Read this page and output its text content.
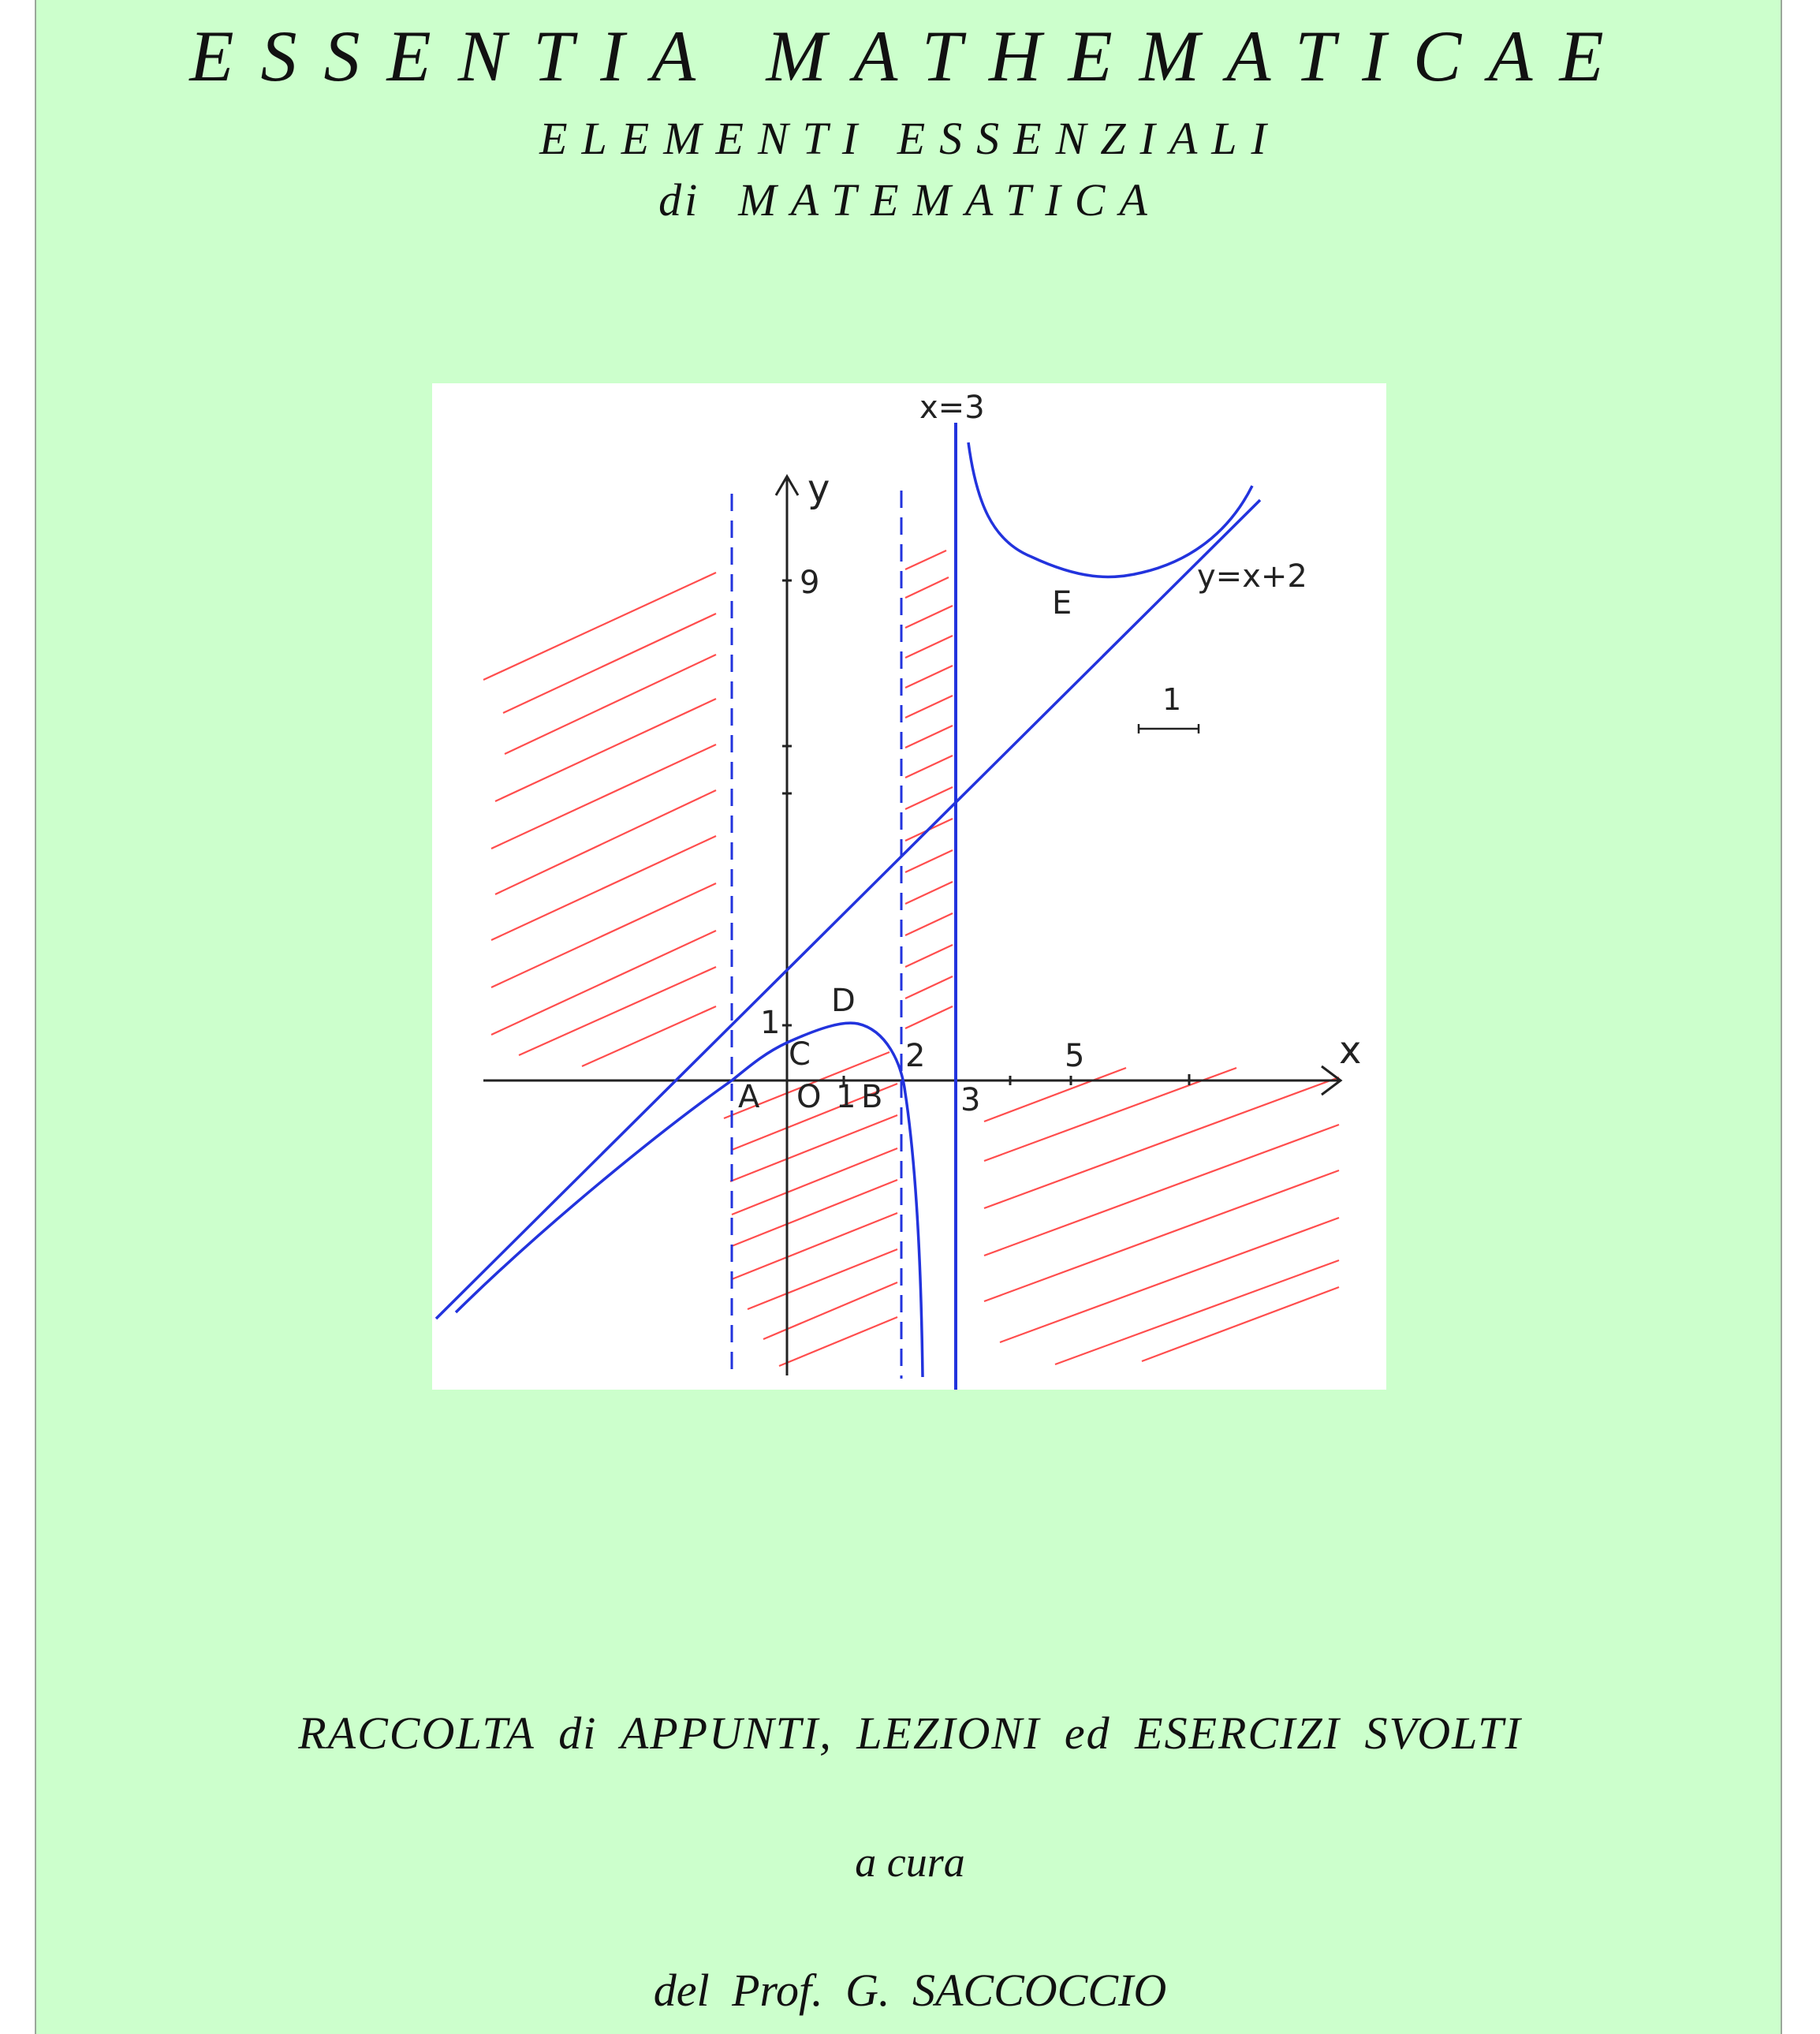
ESSENTIA MATHEMATICAE
ELEMENTI ESSENZIALI
di MATEMATICA
x=3
y=x+2
y
x
9
1
2
3
5
1
O
A	B
C
D
E
1
RACCOLTA di APPUNTI, LEZIONI ed ESERCIZI SVOLTI
a cura
del Prof. G. SACCOCCIO
